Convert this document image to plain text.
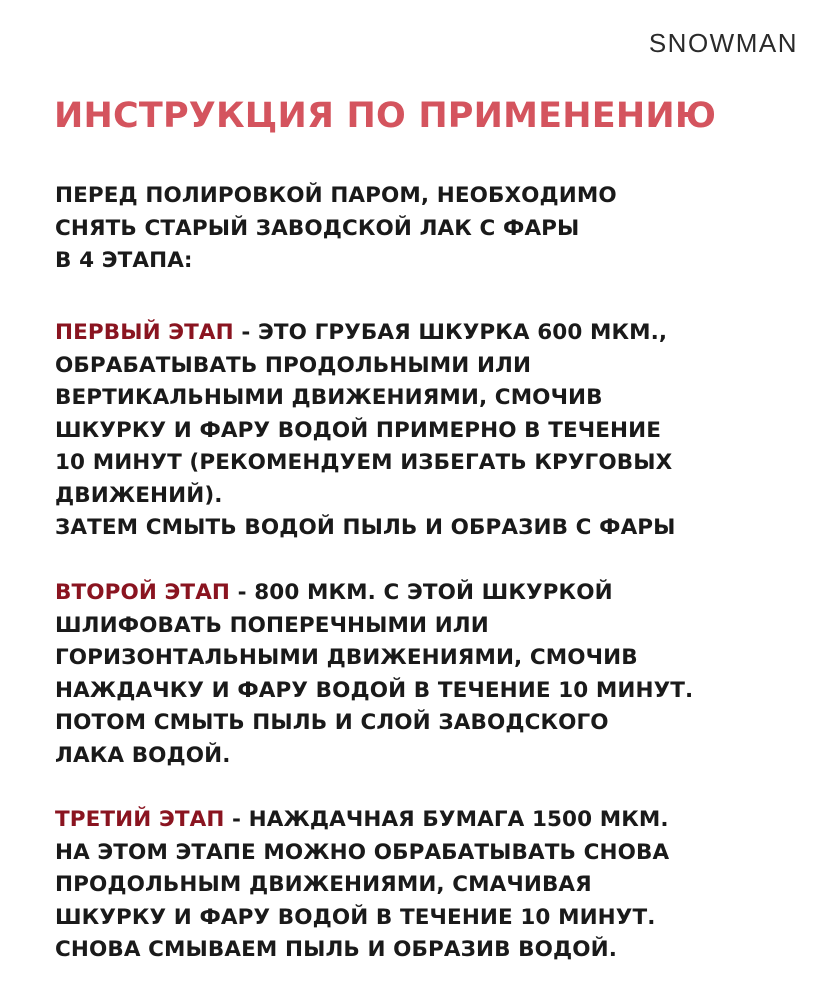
SNOWMAN
ИНСТРУКЦИЯ ПО ПРИМЕНЕНИЮ
ПЕРЕД ПОЛИРОВКОЙ ПАРОМ, НЕОБХОДИМО
СНЯТЬ СТАРЫЙ ЗАВОДСКОЙ ЛАК С ФАРЫ
В 4 ЭТАПА:
ПЕРВЫЙ ЭТАП - ЭТО ГРУБАЯ ШКУРКА 600 МКМ.,
ОБРАБАТЫВАТЬ ПРОДОЛЬНЫМИ ИЛИ
ВЕРТИКАЛЬНЫМИ ДВИЖЕНИЯМИ, СМОЧИВ
ШКУРКУ И ФАРУ ВОДОЙ ПРИМЕРНО В ТЕЧЕНИЕ
10 МИНУТ (РЕКОМЕНДУЕМ ИЗБЕГАТЬ КРУГОВЫХ
ДВИЖЕНИЙ).
ЗАТЕМ СМЫТЬ ВОДОЙ ПЫЛЬ И ОБРАЗИВ С ФАРЫ
ВТОРОЙ ЭТАП - 800 МКМ. С ЭТОЙ ШКУРКОЙ
ШЛИФОВАТЬ ПОПЕРЕЧНЫМИ ИЛИ
ГОРИЗОНТАЛЬНЫМИ ДВИЖЕНИЯМИ, СМОЧИВ
НАЖДАЧКУ И ФАРУ ВОДОЙ В ТЕЧЕНИЕ 10 МИНУТ.
ПОТОМ СМЫТЬ ПЫЛЬ И СЛОЙ ЗАВОДСКОГО
ЛАКА ВОДОЙ.
ТРЕТИЙ ЭТАП - НАЖДАЧНАЯ БУМАГА 1500 МКМ.
НА ЭТОМ ЭТАПЕ МОЖНО ОБРАБАТЫВАТЬ СНОВА
ПРОДОЛЬНЫМ ДВИЖЕНИЯМИ, СМАЧИВАЯ
ШКУРКУ И ФАРУ ВОДОЙ В ТЕЧЕНИЕ 10 МИНУТ.
СНОВА СМЫВАЕМ ПЫЛЬ И ОБРАЗИВ ВОДОЙ.
